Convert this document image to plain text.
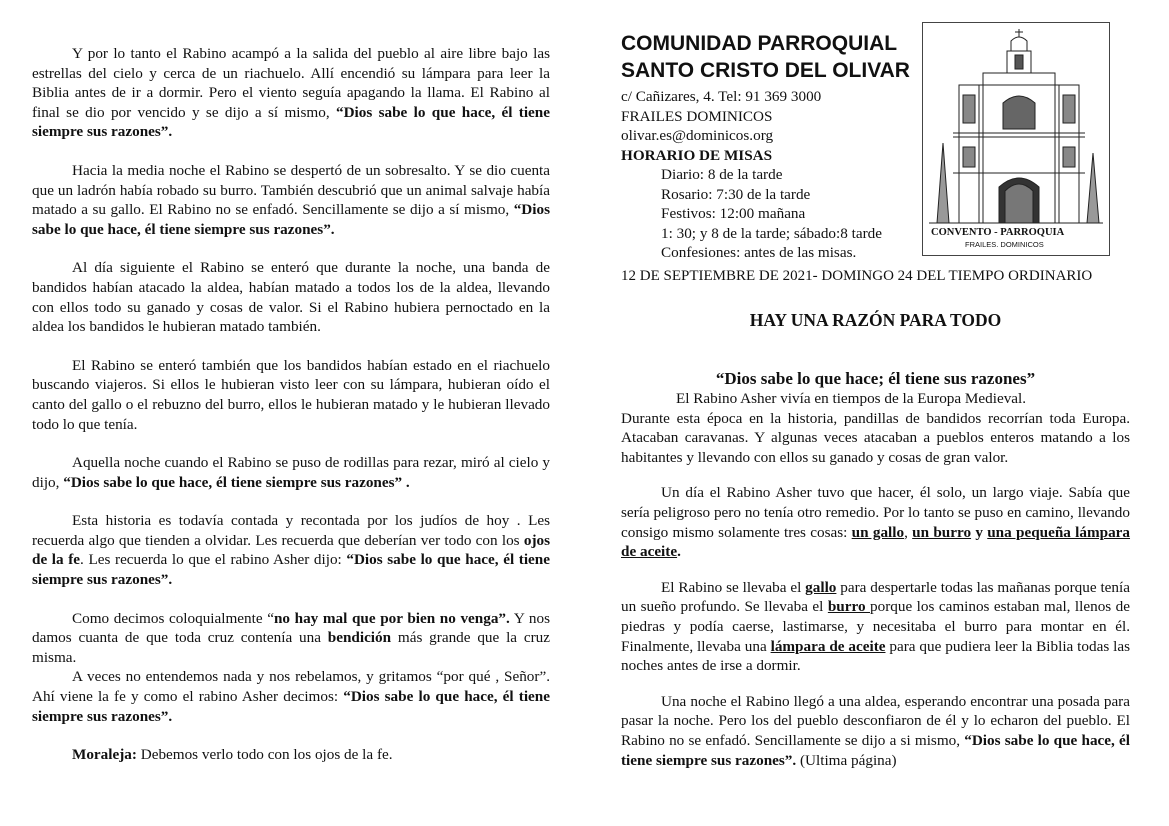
Y por lo tanto el Rabino acampó a la salida del pueblo al aire libre bajo las estrellas del cielo y cerca de un riachuelo. Allí encendió su lámpara para leer la Biblia antes de ir a dormir. Pero el viento seguía apagando la llama. El Rabino al final se dio por vencido y se dijo a sí mismo, “Dios sabe lo que hace, él tiene siempre sus razones”.

Hacia la media noche el Rabino se despertó de un sobresalto. Y se dio cuenta que un ladrón había robado su burro. También descubrió que un animal salvaje había matado a su gallo. El Rabino no se enfadó. Sencillamente se dijo a sí mismo, “Dios sabe lo que hace, él tiene siempre sus razones”.

Al día siguiente el Rabino se enteró que durante la noche, una banda de bandidos habían atacado la aldea, habían matado a todos los de la aldea, llevando con ellos todo su ganado y cosas de valor. Si el Rabino hubiera pernoctado en la aldea los bandidos le hubieran matado también.

El Rabino se enteró también que los bandidos habían estado en el riachuelo buscando viajeros. Si ellos le hubieran visto leer con su lámpara, hubieran oído el canto del gallo o el rebuzno del burro, ellos le hubieran matado y le hubieran llevado todo lo que tenía.

Aquella noche cuando el Rabino se puso de rodillas para rezar, miró al cielo y dijo, “Dios sabe lo que hace, él tiene siempre sus razones” .

Esta historia es todavía contada y recontada por los judíos de hoy . Les recuerda algo que tienden a olvidar. Les recuerda que deberían ver todo con los ojos de la fe. Les recuerda lo que el rabino Asher dijo: “Dios sabe lo que hace, él tiene siempre sus razones”.

Como decimos coloquialmente “no hay mal que por bien no venga”. Y nos damos cuanta de que toda cruz contenía una bendición más grande que la cruz misma.

A veces no entendemos nada y nos rebelamos, y gritamos “por qué , Señor”. Ahí viene la fe y como el rabino Asher decimos: “Dios sabe lo que hace, él tiene siempre sus razones”.

Moraleja: Debemos verlo todo con los ojos de la fe.

COMUNIDAD PARROQUIAL

SANTO CRISTO DEL OLIVAR

c/ Cañizares, 4. Tel: 91 369 3000

FRAILES DOMINICOS

olivar.es@dominicos.org

HORARIO DE MISAS

Diario: 8 de la tarde

Rosario: 7:30 de la tarde

Festivos: 12:00 mañana

1: 30; y 8 de la tarde; sábado:8 tarde

Confesiones: antes de las misas.

CONVENTO - PARROQUIA
FRAILES. DOMINICOS

12 DE SEPTIEMBRE DE 2021- DOMINGO 24 DEL TIEMPO ORDINARIO

HAY UNA RAZÓN PARA TODO

“Dios sabe lo que hace; él tiene sus razones”

El Rabino Asher vivía en tiempos de la Europa Medieval.

Durante esta época en la historia, pandillas de bandidos recorrían toda Europa. Atacaban caravanas. Y algunas veces atacaban a pueblos enteros matando a los habitantes y llevando con ellos su ganado y cosas de gran valor.

Un día el Rabino Asher tuvo que hacer, él solo, un largo viaje. Sabía que sería peligroso pero no tenía otro remedio. Por lo tanto se puso en camino, llevando consigo mismo solamente tres cosas: un gallo, un burro y una pequeña lámpara de aceite.

El Rabino se llevaba el gallo para despertarle todas las mañanas porque tenía un sueño profundo. Se llevaba el burro porque los caminos estaban mal, llenos de piedras y podía caerse, lastimarse, y necesitaba el burro para montar en él. Finalmente, llevaba una lámpara de aceite para que pudiera leer la Biblia todas las noches antes de irse a dormir.

Una noche el Rabino llegó a una aldea, esperando encontrar una posada para pasar la noche. Pero los del pueblo desconfiaron de él y lo echaron del pueblo. El Rabino no se enfadó. Sencillamente se dijo a si mismo, “Dios sabe lo que hace, él tiene siempre sus razones”. (Ultima página)
